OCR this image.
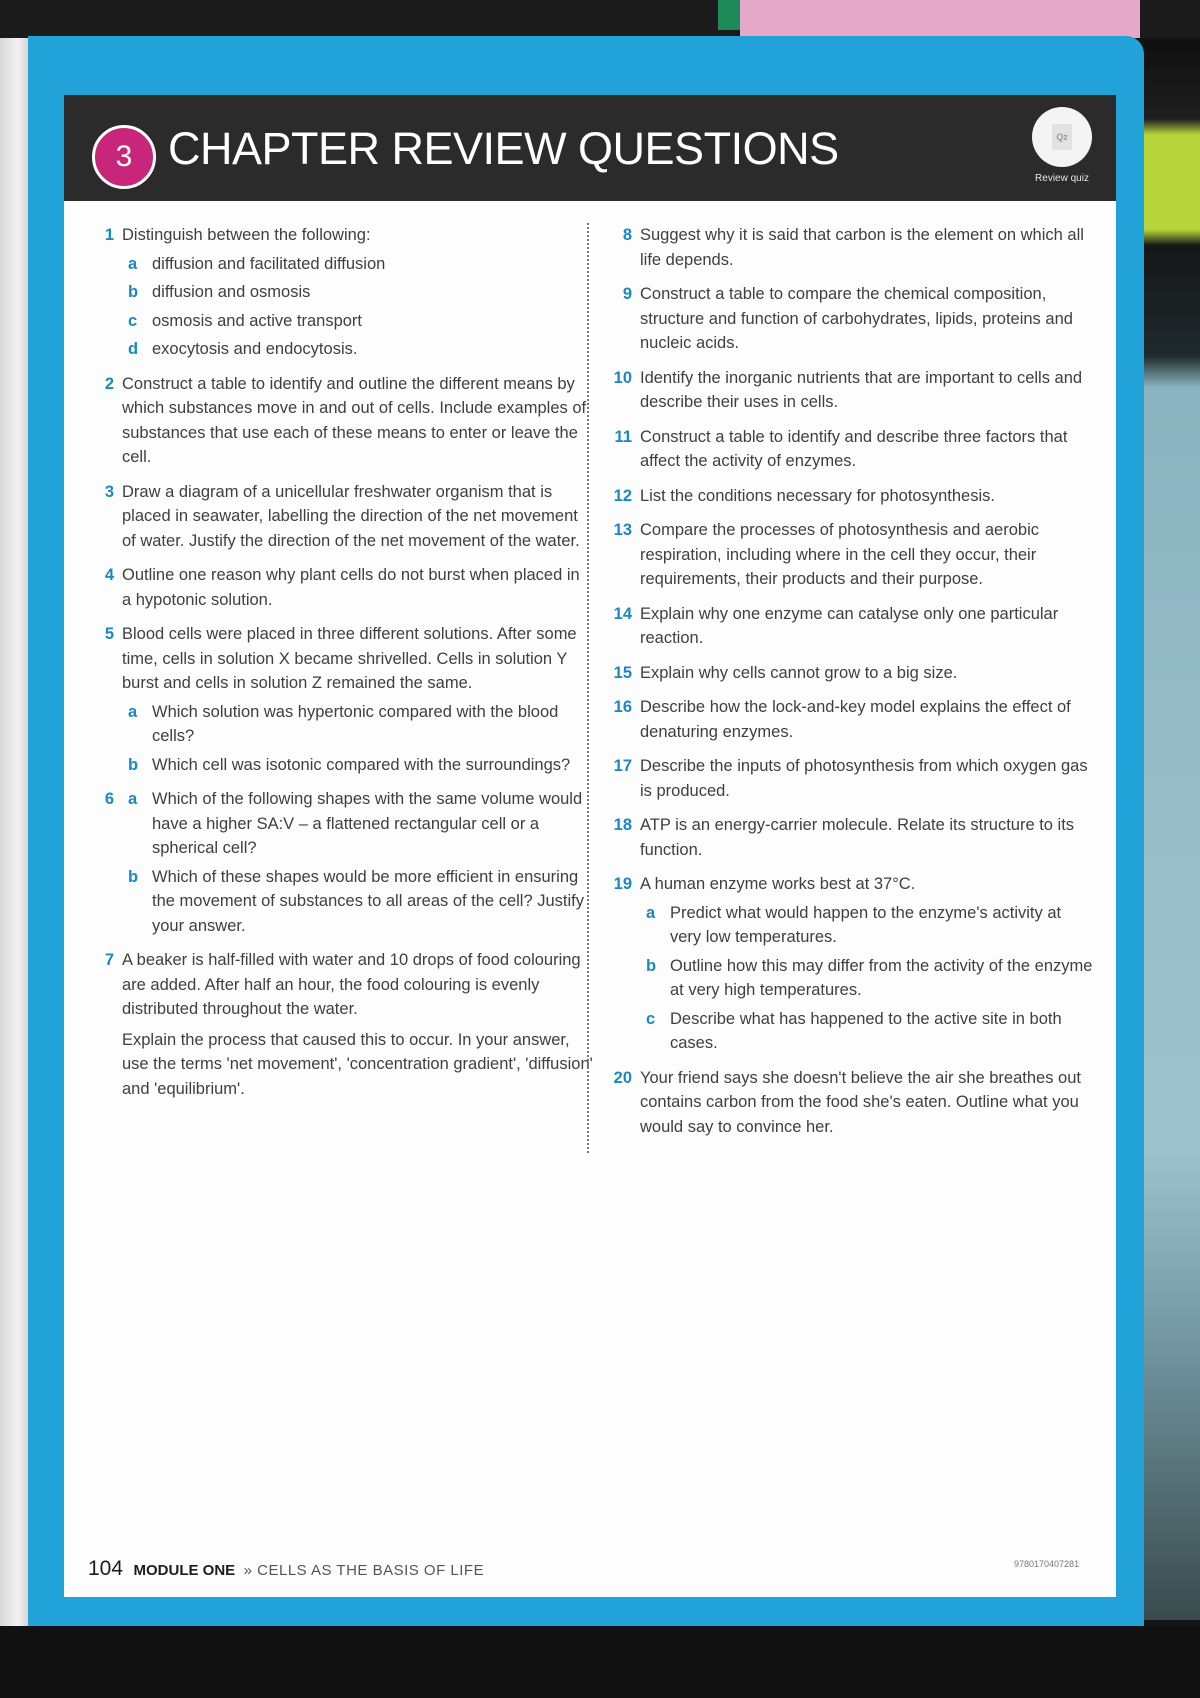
3 CHAPTER REVIEW QUESTIONS	Qz
Review quiz
1 Distinguish between the following:

a diffusion and facilitated diffusion
b diffusion and osmosis
c osmosis and active transport
d exocytosis and endocytosis.
2 Construct a table to identify and outline the different means by which substances move in and out of cells. Include examples of substances that use each of these means to enter or leave the cell.

3 Draw a diagram of a unicellular freshwater organism that is placed in seawater, labelling the direction of the net movement of water. Justify the direction of the net movement of the water.

4 Outline one reason why plant cells do not burst when placed in a hypotonic solution.

5 Blood cells were placed in three different solutions. After some time, cells in solution X became shrivelled. Cells in solution Y burst and cells in solution Z remained the same.

a Which solution was hypertonic compared with the blood cells?
b Which cell was isotonic compared with the surroundings?
6 a Which of the following shapes with the same volume would have a higher SA:V – a flattened rectangular cell or a spherical cell?
b Which of these shapes would be more efficient in ensuring the movement of substances to all areas of the cell? Justify your answer.
7 A beaker is half-filled with water and 10 drops of food colouring are added. After half an hour, the food colouring is evenly distributed throughout the water.

Explain the process that caused this to occur. In your answer, use the terms 'net movement', 'concentration gradient', 'diffusion' and 'equilibrium'.

8 Suggest why it is said that carbon is the element on which all life depends.

9 Construct a table to compare the chemical composition, structure and function of carbohydrates, lipids, proteins and nucleic acids.

10 Identify the inorganic nutrients that are important to cells and describe their uses in cells.

11 Construct a table to identify and describe three factors that affect the activity of enzymes.

12 List the conditions necessary for photosynthesis.

13 Compare the processes of photosynthesis and aerobic respiration, including where in the cell they occur, their requirements, their products and their purpose.

14 Explain why one enzyme can catalyse only one particular reaction.

15 Explain why cells cannot grow to a big size.

16 Describe how the lock-and-key model explains the effect of denaturing enzymes.

17 Describe the inputs of photosynthesis from which oxygen gas is produced.

18 ATP is an energy-carrier molecule. Relate its structure to its function.

19 A human enzyme works best at 37°C.

a Predict what would happen to the enzyme's activity at very low temperatures.
b Outline how this may differ from the activity of the enzyme at very high temperatures.
c Describe what has happened to the active site in both cases.
20 Your friend says she doesn't believe the air she breathes out contains carbon from the food she's eaten. Outline what you would say to convince her.

104 MODULE ONE » CELLS AS THE BASIS OF LIFE	9780170407281
